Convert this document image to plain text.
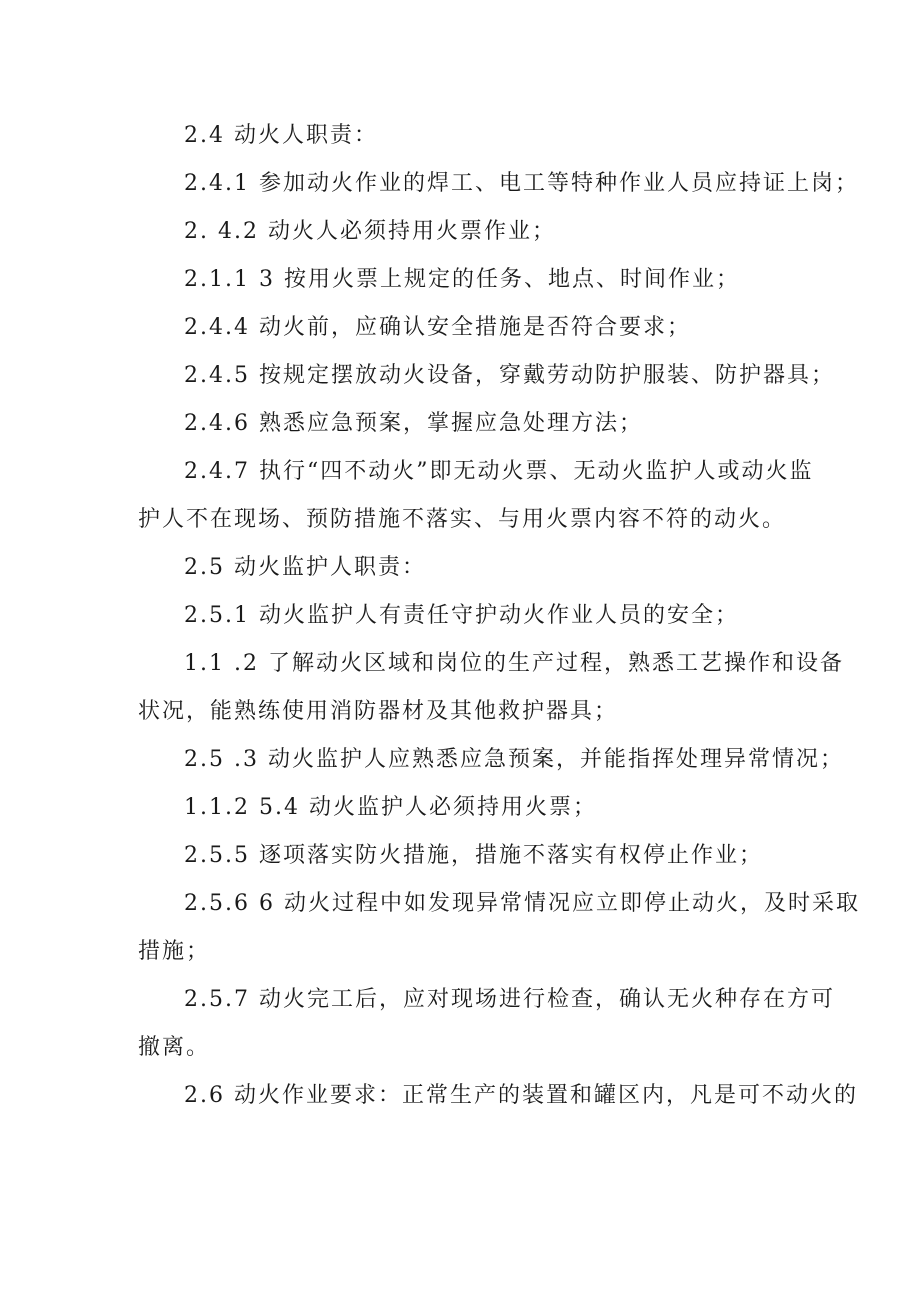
2.4 动火人职责：
2.4.1 参加动火作业的焊工、电工等特种作业人员应持证上岗；
2. 4.2 动火人必须持用火票作业；
2.1.1 3 按用火票上规定的任务、地点、时间作业；
2.4.4 动火前，应确认安全措施是否符合要求；
2.4.5 按规定摆放动火设备，穿戴劳动防护服装、防护器具；
2.4.6 熟悉应急预案，掌握应急处理方法；
2.4.7 执行“四不动火”即无动火票、无动火监护人或动火监
护人不在现场、预防措施不落实、与用火票内容不符的动火。
2.5 动火监护人职责：
2.5.1 动火监护人有责任守护动火作业人员的安全；
1.1 .2 了解动火区域和岗位的生产过程，熟悉工艺操作和设备
状况，能熟练使用消防器材及其他救护器具；
2.5 .3 动火监护人应熟悉应急预案，并能指挥处理异常情况；
1.1.2 5.4 动火监护人必须持用火票；
2.5.5 逐项落实防火措施，措施不落实有权停止作业；
2.5.6 6 动火过程中如发现异常情况应立即停止动火，及时采取
措施；
2.5.7 动火完工后，应对现场进行检查，确认无火种存在方可
撤离。
2.6 动火作业要求：正常生产的装置和罐区内，凡是可不动火的
